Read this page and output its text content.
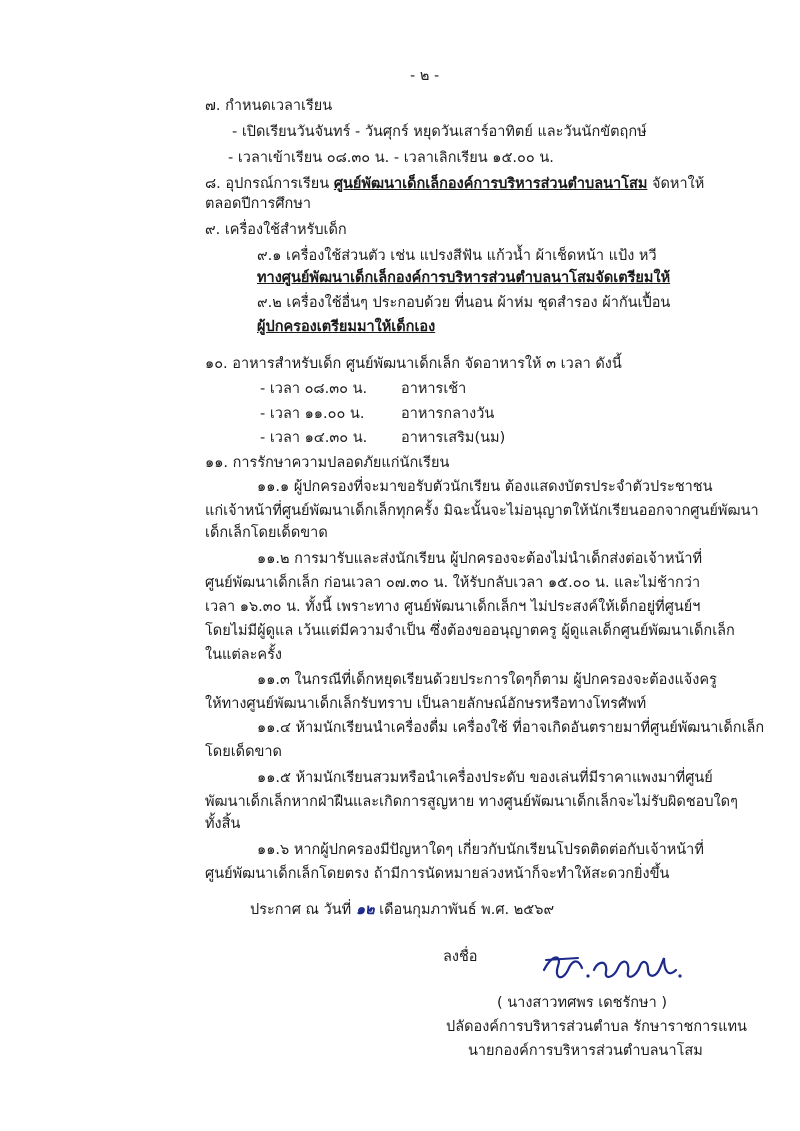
- ๒ -
๗. กำหนดเวลาเรียน
- เปิดเรียนวันจันทร์ - วันศุกร์ หยุดวันเสาร์อาทิตย์ และวันนักขัตฤกษ์
- เวลาเข้าเรียน ๐๘.๓๐ น. - เวลาเลิกเรียน ๑๕.๐๐ น.
๘. อุปกรณ์การเรียน ศูนย์พัฒนาเด็กเล็กองค์การบริหารส่วนตำบลนาโสม จัดหาให้
ตลอดปีการศึกษา
๙. เครื่องใช้สำหรับเด็ก
๙.๑ เครื่องใช้ส่วนตัว เช่น แปรงสีฟัน แก้วน้ำ ผ้าเช็ดหน้า แป้ง หวี
ทางศูนย์พัฒนาเด็กเล็กองค์การบริหารส่วนตำบลนาโสมจัดเตรียมให้
๙.๒ เครื่องใช้อื่นๆ ประกอบด้วย ที่นอน ผ้าห่ม ชุดสำรอง ผ้ากันเปื้อน
ผู้ปกครองเตรียมมาให้เด็กเอง
๑๐. อาหารสำหรับเด็ก ศูนย์พัฒนาเด็กเล็ก จัดอาหารให้ ๓ เวลา ดังนี้
- เวลา ๐๘.๓๐ น. อาหารเช้า
- เวลา ๑๑.๐๐ น.	อาหารกลางวัน
- เวลา ๑๔.๓๐ น. อาหารเสริม(นม)
๑๑. การรักษาความปลอดภัยแก่นักเรียน
๑๑.๑ ผู้ปกครองที่จะมาขอรับตัวนักเรียน ต้องแสดงบัตรประจำตัวประชาชน
แก่เจ้าหน้าที่ศูนย์พัฒนาเด็กเล็กทุกครั้ง มิฉะนั้นจะไม่อนุญาตให้นักเรียนออกจากศูนย์พัฒนา
เด็กเล็กโดยเด็ดขาด
๑๑.๒ การมารับและส่งนักเรียน ผู้ปกครองจะต้องไม่นำเด็กส่งต่อเจ้าหน้าที่
ศูนย์พัฒนาเด็กเล็ก ก่อนเวลา ๐๗.๓๐ น. ให้รับกลับเวลา ๑๕.๐๐ น. และไม่ช้ากว่า
เวลา ๑๖.๓๐ น. ทั้งนี้ เพราะทาง ศูนย์พัฒนาเด็กเล็กฯ ไม่ประสงค์ให้เด็กอยู่ที่ศูนย์ฯ
โดยไม่มีผู้ดูแล เว้นแต่มีความจำเป็น ซึ่งต้องขออนุญาตครู ผู้ดูแลเด็กศูนย์พัฒนาเด็กเล็ก
ในแต่ละครั้ง
๑๑.๓ ในกรณีที่เด็กหยุดเรียนด้วยประการใดๆก็ตาม ผู้ปกครองจะต้องแจ้งครู
ให้ทางศูนย์พัฒนาเด็กเล็กรับทราบ เป็นลายลักษณ์อักษรหรือทางโทรศัพท์
๑๑.๔ ห้ามนักเรียนนำเครื่องดื่ม เครื่องใช้ ที่อาจเกิดอันตรายมาที่ศูนย์พัฒนาเด็กเล็ก
โดยเด็ดขาด
๑๑.๕ ห้ามนักเรียนสวมหรือนำเครื่องประดับ ของเล่นที่มีราคาแพงมาที่ศูนย์
พัฒนาเด็กเล็กหากฝ่าฝืนและเกิดการสูญหาย ทางศูนย์พัฒนาเด็กเล็กจะไม่รับผิดชอบใดๆ
ทั้งสิ้น
๑๑.๖ หากผู้ปกครองมีปัญหาใดๆ เกี่ยวกับนักเรียนโปรดติดต่อกับเจ้าหน้าที่
ศูนย์พัฒนาเด็กเล็กโดยตรง ถ้ามีการนัดหมายล่วงหน้าก็จะทำให้สะดวกยิ่งขึ้น
ประกาศ ณ วันที่ ๑๒ เดือนกุมภาพันธ์ พ.ศ. ๒๕๖๙
ลงชื่อ
( นางสาวทศพร เดชรักษา )
ปลัดองค์การบริหารส่วนตำบล รักษาราชการแทน
นายกองค์การบริหารส่วนตำบลนาโสม
